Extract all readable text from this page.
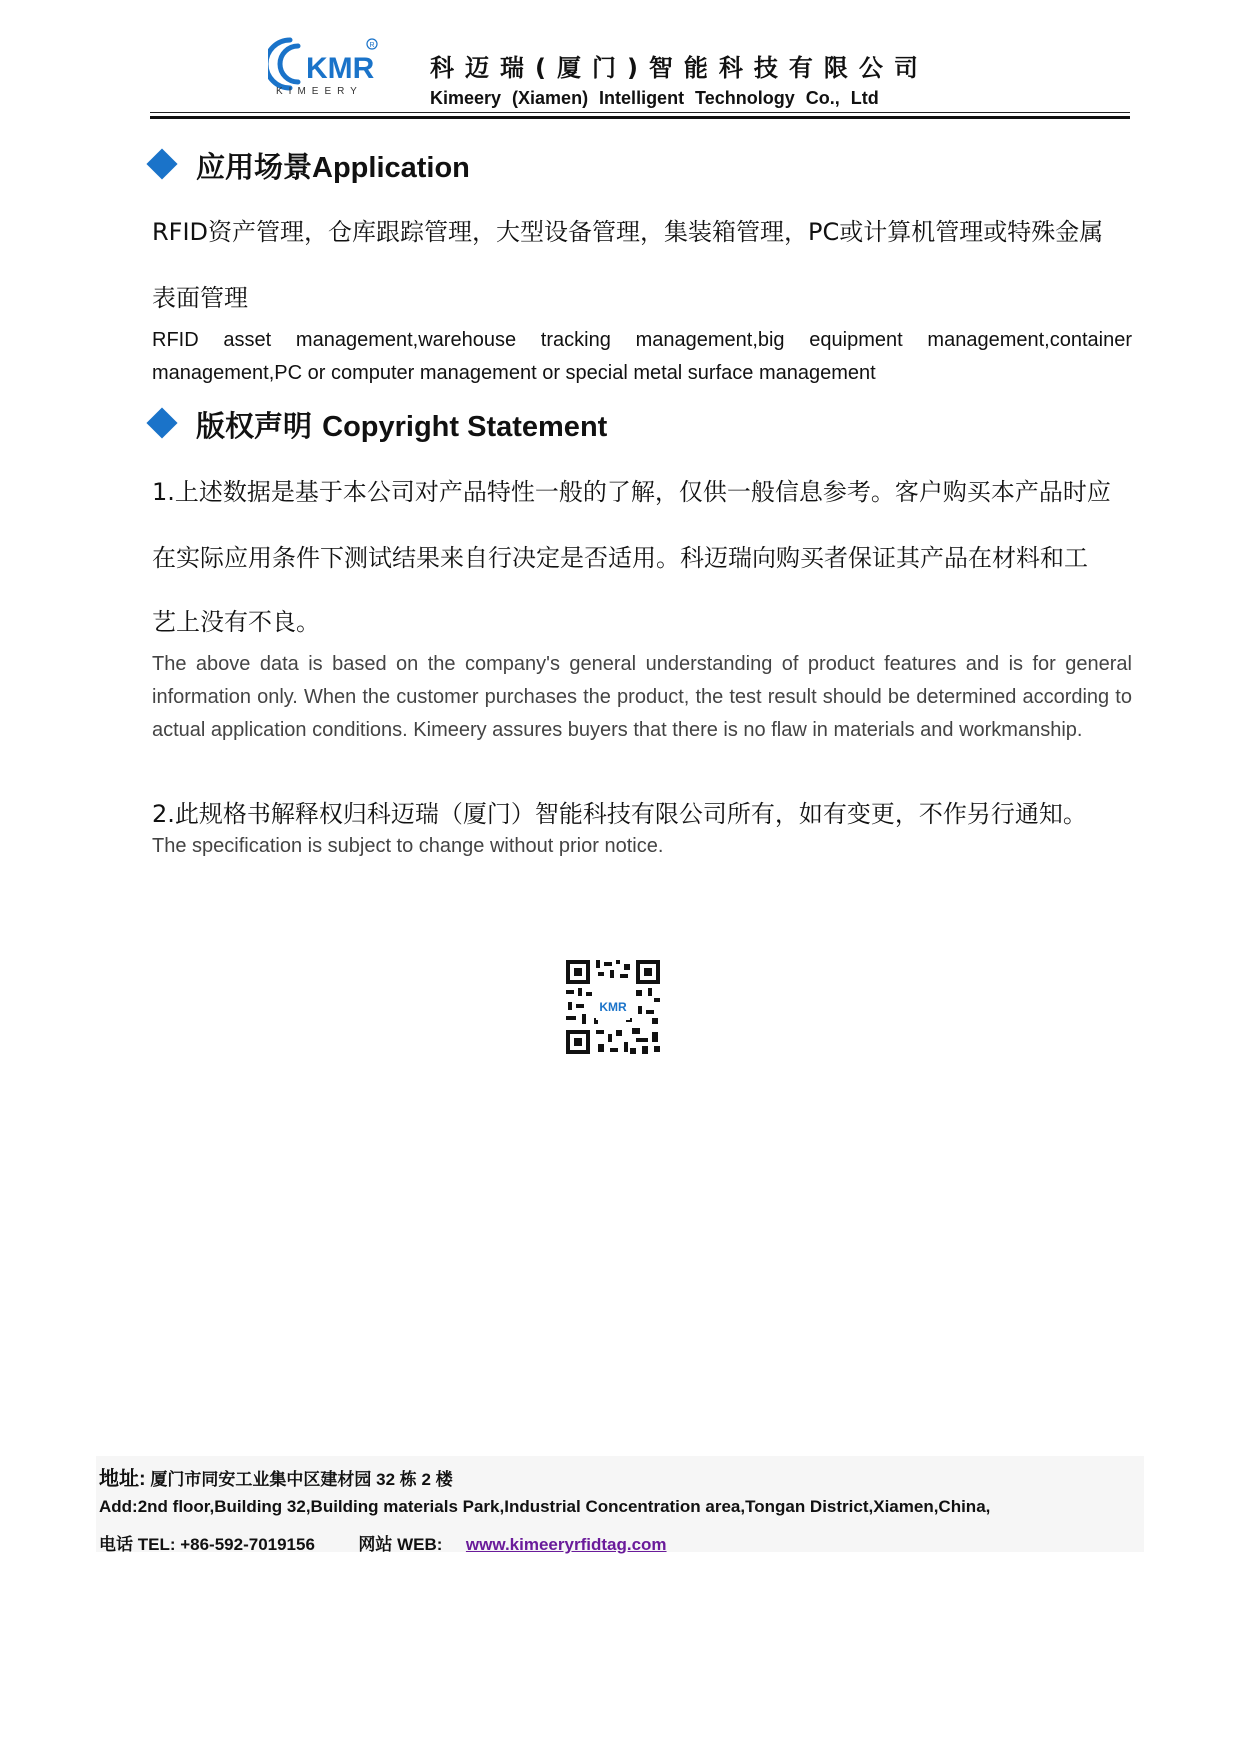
KMR
R
KIMEERY
科迈瑞(厦门)智能科技有限公司
Kimeery (Xiamen) Intelligent Technology Co., Ltd
应用场景Application
RFID资产管理，仓库跟踪管理，大型设备管理，集装箱管理，PC或计算机管理或特殊金属
表面管理
RFID asset management,warehouse tracking management,big equipment management,container management,PC or computer management or special metal surface management
版权声明 Copyright Statement
1.上述数据是基于本公司对产品特性一般的了解，仅供一般信息参考。客户购买本产品时应
在实际应用条件下测试结果来自行决定是否适用。科迈瑞向购买者保证其产品在材料和工
艺上没有不良。
The above data is based on the company's general understanding of product features and is for general information only. When the customer purchases the product, the test result should be determined according to actual application conditions. Kimeery assures buyers that there is no flaw in materials and workmanship.
2.此规格书解释权归科迈瑞（厦门）智能科技有限公司所有，如有变更，不作另行通知。
The specification is subject to change without prior notice.
KMR
地址: 厦门市同安工业集中区建材园 32 栋 2 楼
Add:2nd floor,Building 32,Building materials Park,Industrial Concentration area,Tongan District,Xiamen,China,
电话 TEL: +86-592-7019156	网站 WEB: www.kimeeryrfidtag.com
